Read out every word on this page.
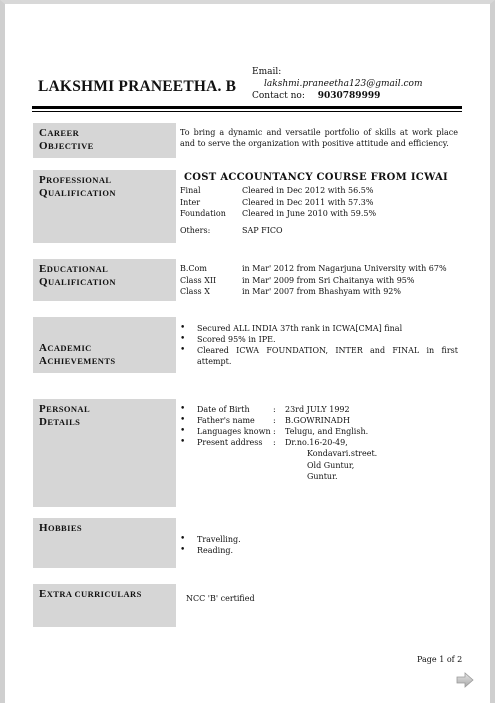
LAKSHMI PRANEETHA. B
Email:
lakshmi.praneetha123@gmail.com
Contact no: 9030789999
CAREER
OBJECTIVE
To bring a dynamic and versatile portfolio of skills at work place and to serve the organization with positive attitude and efficiency.
PROFESSIONAL
QUALIFICATION
COST ACCOUNTANCY COURSE FROM ICWAI
Final	Cleared in Dec 2012 with 56.5%
Inter	Cleared in Dec 2011 with 57.3%
Foundation	Cleared in June 2010 with 59.5%
Others:	SAP FICO
EDUCATIONAL
QUALIFICATION
B.Com	in Mar' 2012 from Nagarjuna University with 67%
Class XII	in Mar' 2009 from Sri Chaitanya with 95%
Class X	in Mar' 2007 from Bhashyam with 92%
ACADEMIC
ACHIEVEMENTS
• Secured ALL INDIA 37th rank in ICWA[CMA] final
• Scored 95% in IPE.
• Cleared ICWA FOUNDATION, INTER and FINAL in first attempt.
PERSONAL
DETAILS
• Date of Birth	:	23rd JULY 1992
• Father's name	:	B.GOWRINADH
• Languages known :	Telugu, and English.
• Present address	:	Dr.no.16-20-49,
Kondavari.street.
Old Guntur,
Guntur.
HOBBIES
• Travelling.
• Reading.
EXTRA CURRICULARS	NCC 'B' certified
Page 1 of 2
